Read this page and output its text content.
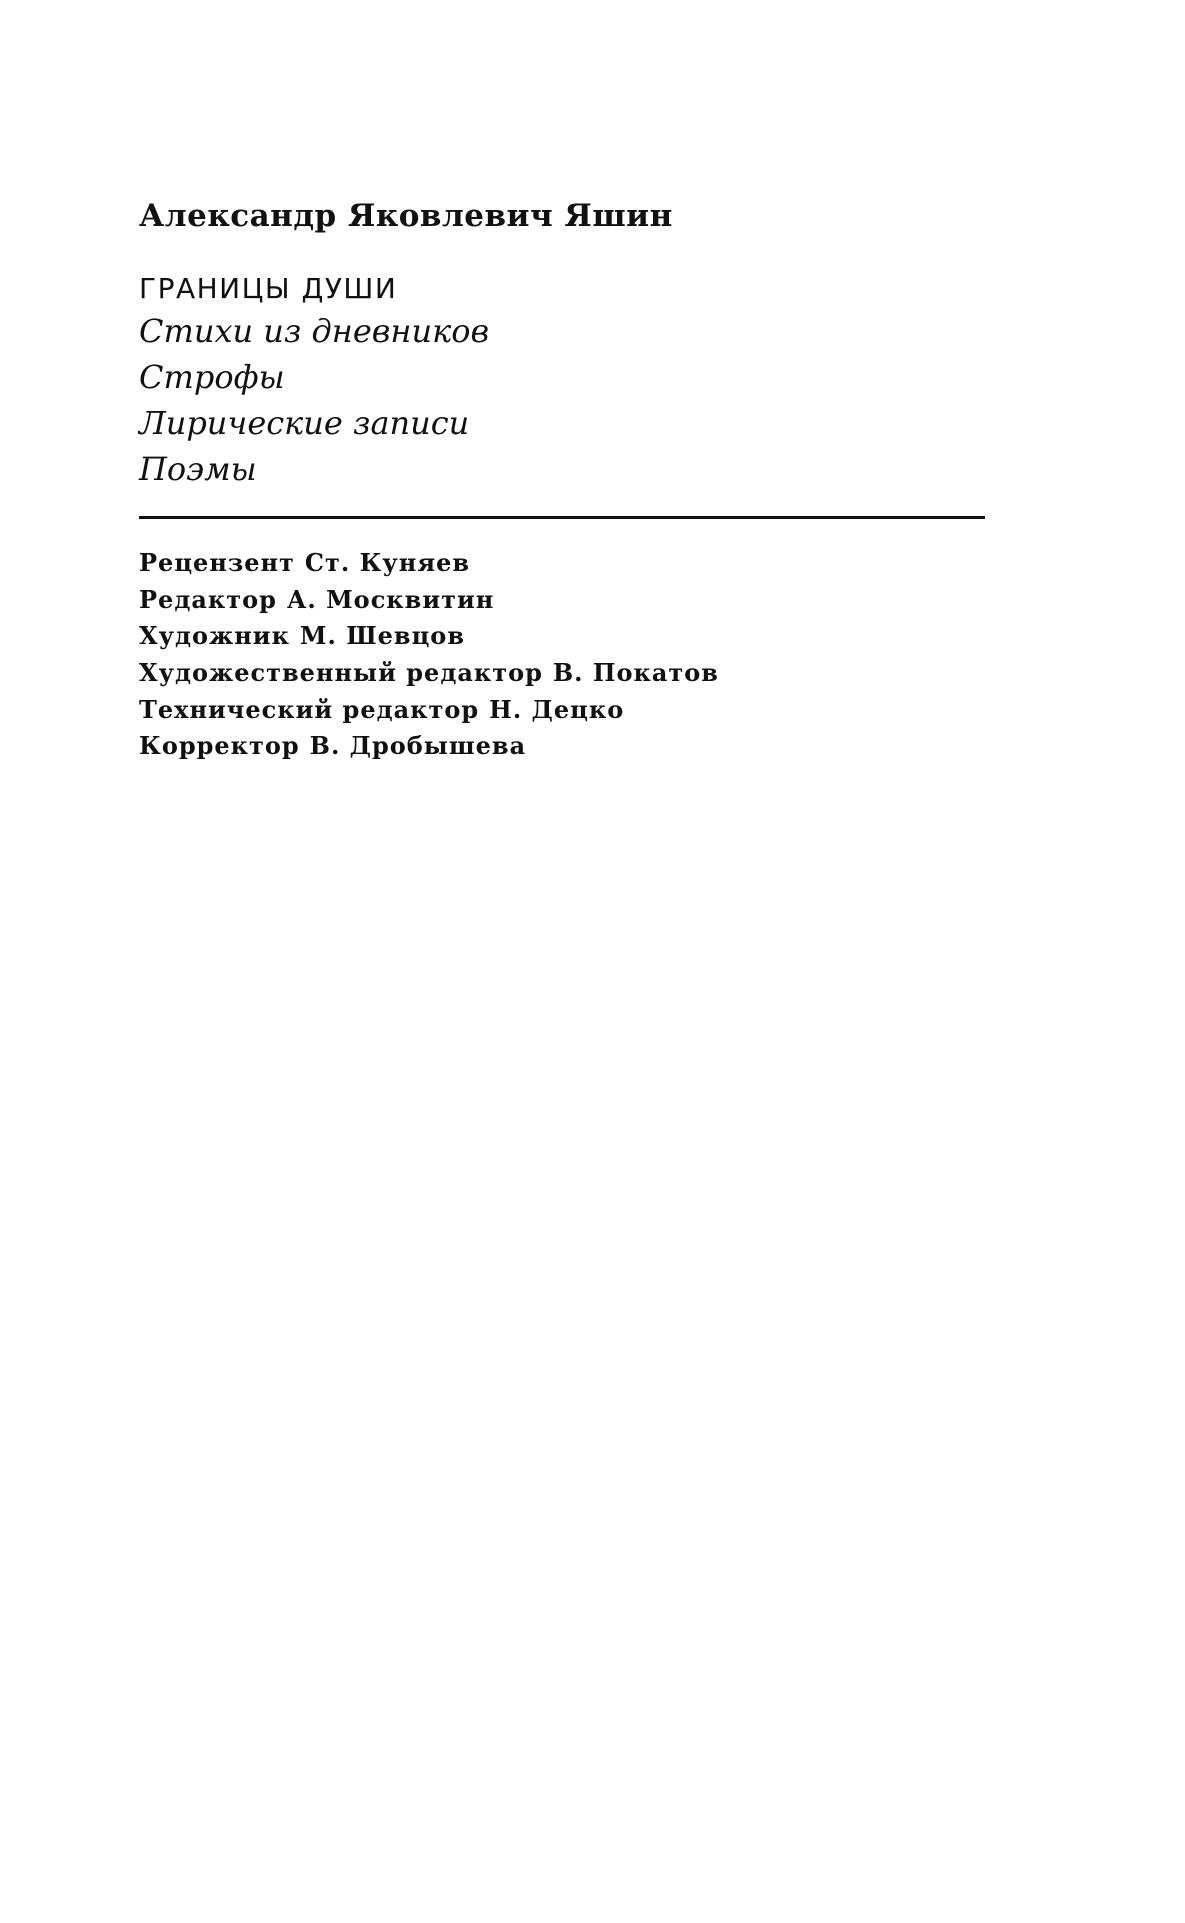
Александр Яковлевич Яшин
ГРАНИЦЫ ДУШИ
Стихи из дневников
Строфы
Лирические записи
Поэмы
Рецензент Ст. Куняев
Редактор А. Москвитин
Художник М. Шевцов
Художественный редактор В. Покатов
Технический редактор Н. Децко
Корректор В. Дробышева
